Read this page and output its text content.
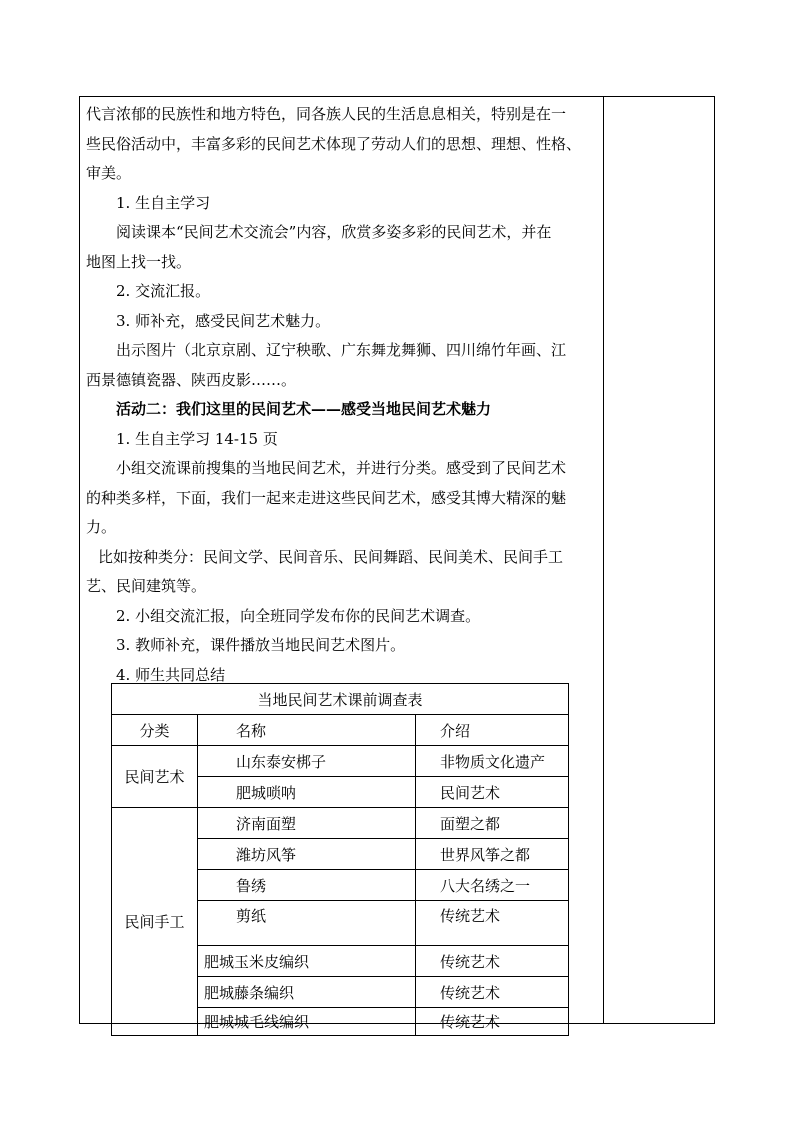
代言浓郁的民族性和地方特色，同各族人民的生活息息相关，特别是在一

些民俗活动中，丰富多彩的民间艺术体现了劳动人们的思想、理想、性格、

审美。

1. 生自主学习

阅读课本“民间艺术交流会”内容，欣赏多姿多彩的民间艺术，并在

地图上找一找。

2. 交流汇报。

3. 师补充，感受民间艺术魅力。

出示图片（北京京剧、辽宁秧歌、广东舞龙舞狮、四川绵竹年画、江

西景德镇瓷器、陕西皮影……。

活动二：我们这里的民间艺术——感受当地民间艺术魅力

1. 生自主学习 14-15 页

小组交流课前搜集的当地民间艺术，并进行分类。感受到了民间艺术

的种类多样，下面，我们一起来走进这些民间艺术，感受其博大精深的魅

力。

比如按种类分：民间文学、民间音乐、民间舞蹈、民间美术、民间手工

艺、民间建筑等。

2. 小组交流汇报，向全班同学发布你的民间艺术调查。

3. 教师补充，课件播放当地民间艺术图片。

4. 师生共同总结

当地民间艺术课前调查表		
分类	名称	介绍
民间艺术	山东泰安梆子	非物质文化遗产
	肥城唢呐	民间艺术
民间手工	济南面塑	面塑之都
	潍坊风筝	世界风筝之都
	鲁绣	八大名绣之一
	剪纸	传统艺术
	肥城玉米皮编织	传统艺术
	肥城藤条编织	传统艺术
	肥城城毛线编织	传统艺术
